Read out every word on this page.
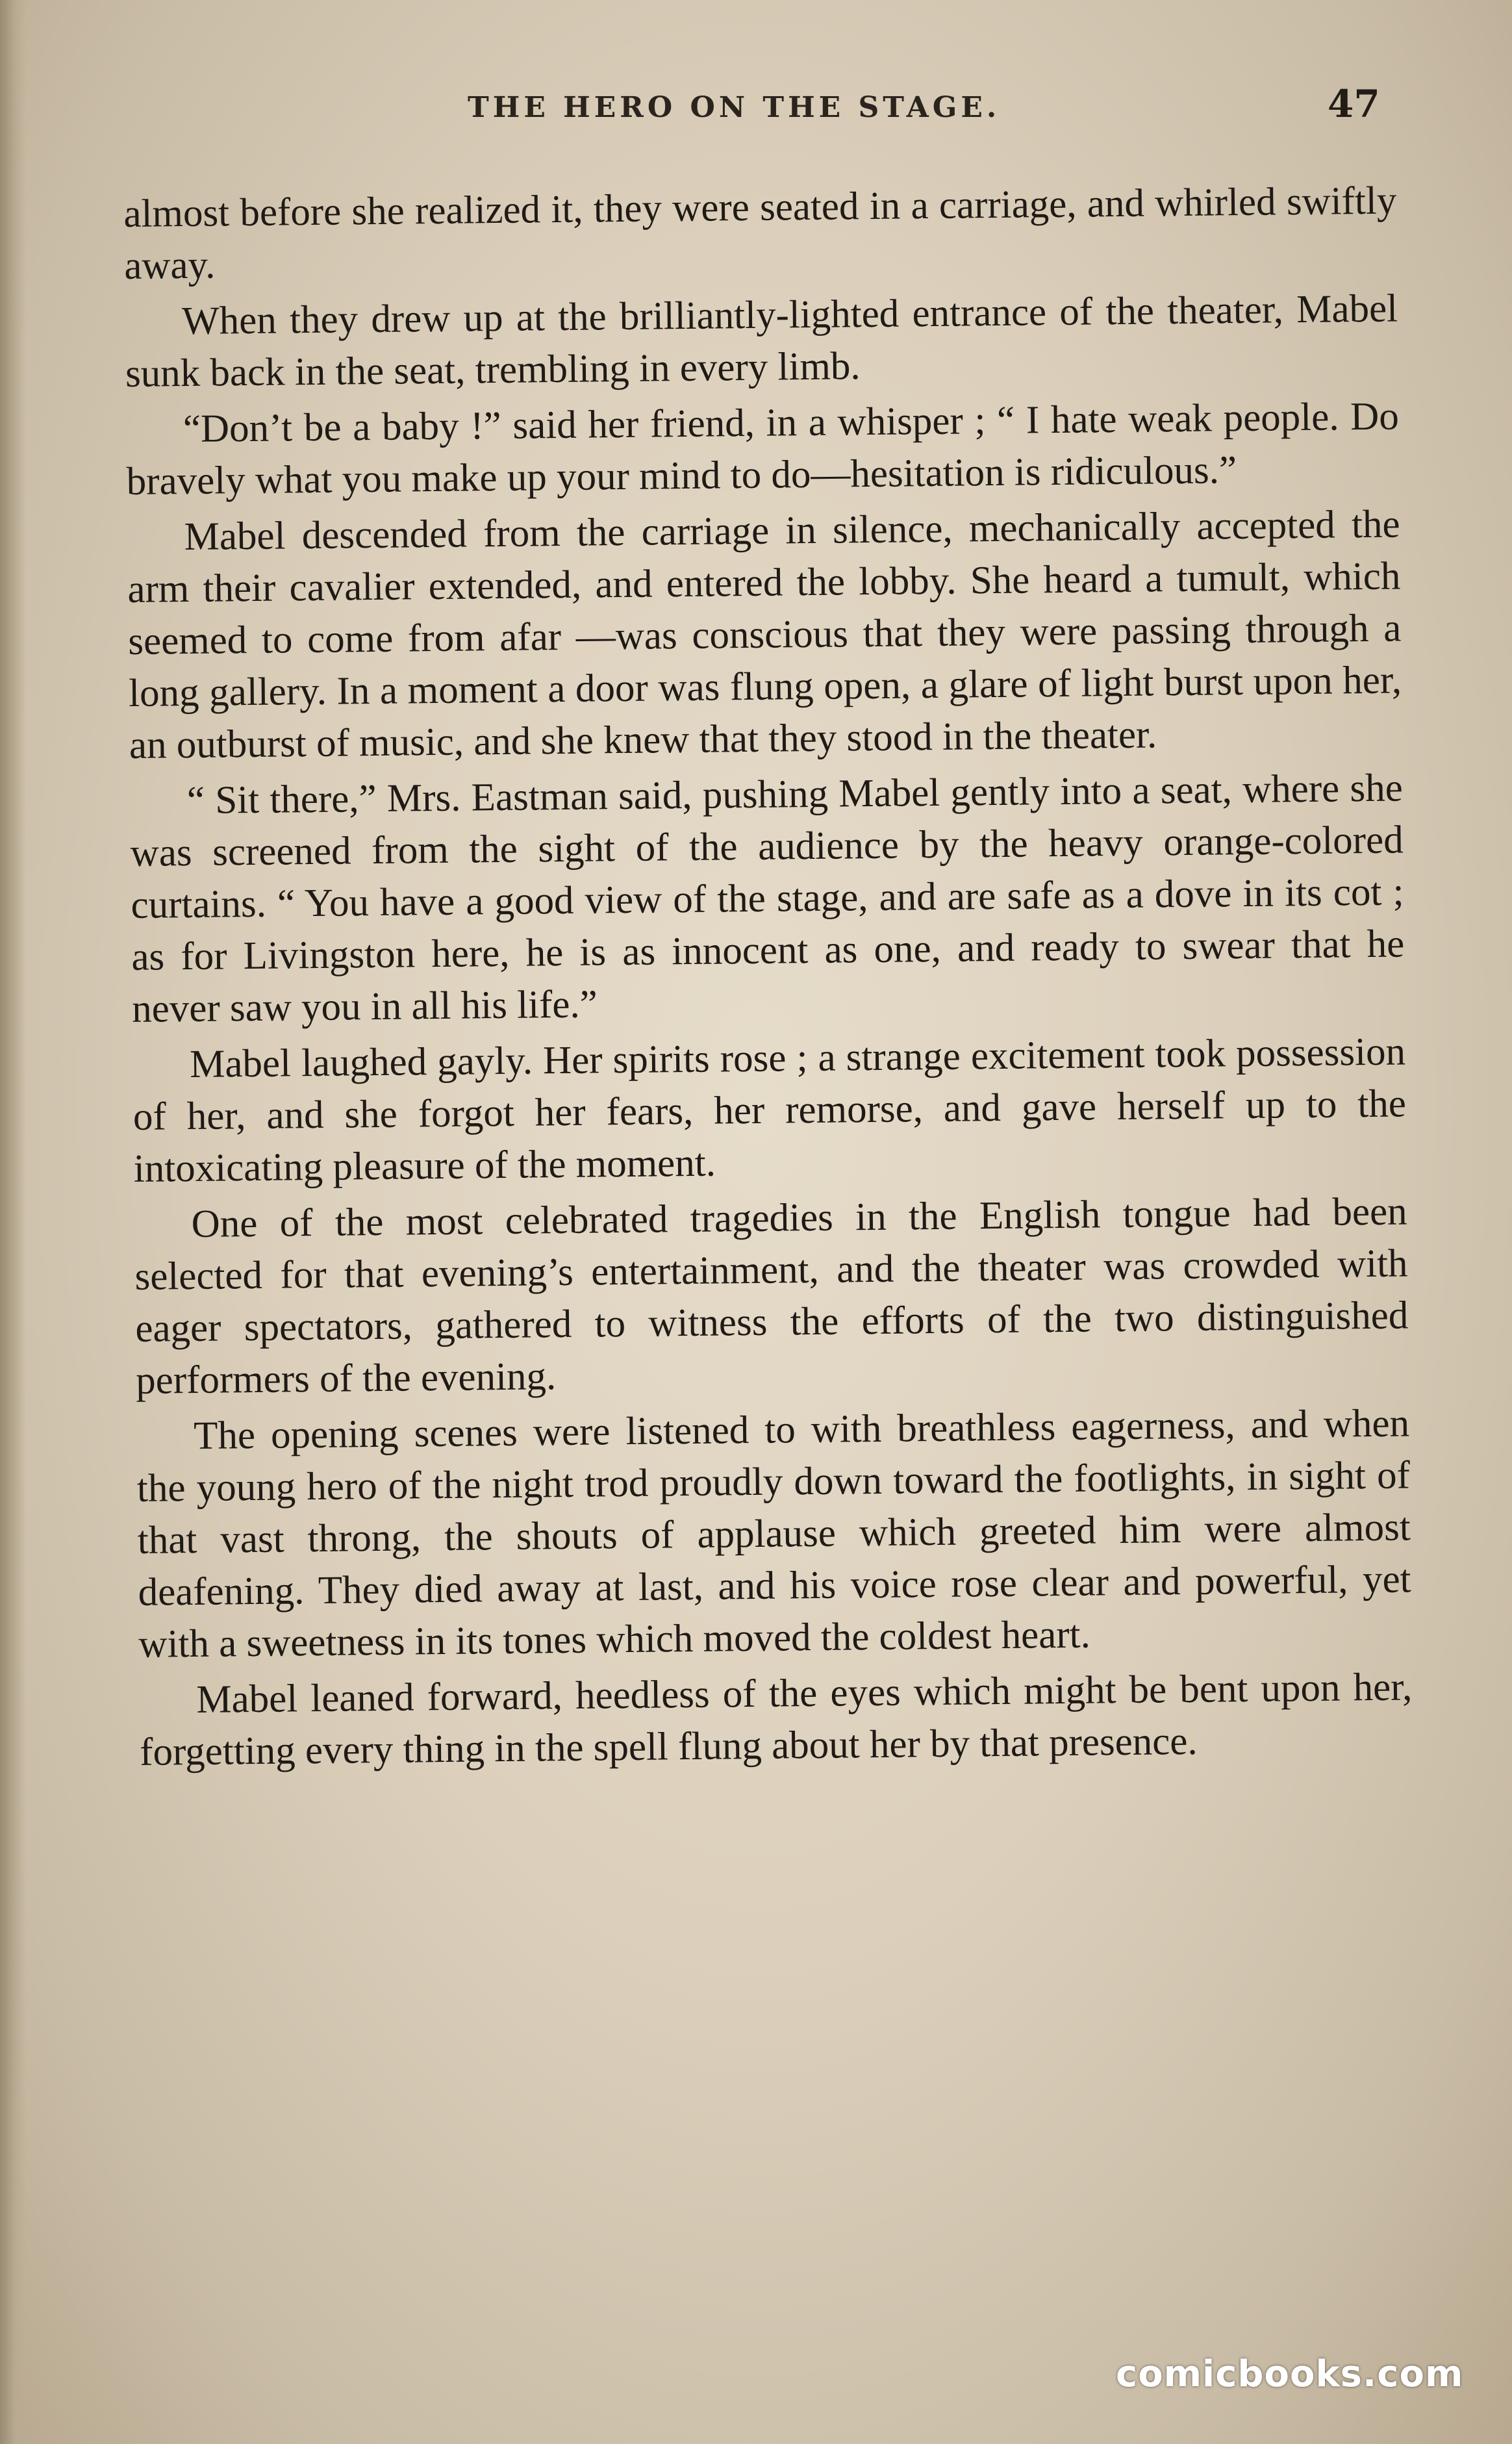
THE HERO ON THE STAGE.	47

almost before she realized it, they were seated in a carriage, and whirled swiftly away.

When they drew up at the brilliantly-lighted entrance of the theater, Mabel sunk back in the seat, trembling in every limb.

“Don’t be a baby !” said her friend, in a whisper ; “ I hate weak people. Do bravely what you make up your mind to do—hesitation is ridiculous.”

Mabel descended from the carriage in silence, mechanically accepted the arm their cavalier extended, and entered the lobby. She heard a tumult, which seemed to come from afar —was conscious that they were passing through a long gallery. In a moment a door was flung open, a glare of light burst upon her, an outburst of music, and she knew that they stood in the theater.

“ Sit there,” Mrs. Eastman said, pushing Mabel gently into a seat, where she was screened from the sight of the audience by the heavy orange-colored curtains. “ You have a good view of the stage, and are safe as a dove in its cot ; as for Livingston here, he is as innocent as one, and ready to swear that he never saw you in all his life.”

Mabel laughed gayly. Her spirits rose ; a strange excitement took possession of her, and she forgot her fears, her remorse, and gave herself up to the intoxicating pleasure of the moment.

One of the most celebrated tragedies in the English tongue had been selected for that evening’s entertainment, and the theater was crowded with eager spectators, gathered to witness the efforts of the two distinguished performers of the evening.

The opening scenes were listened to with breathless eagerness, and when the young hero of the night trod proudly down toward the footlights, in sight of that vast throng, the shouts of applause which greeted him were almost deafening. They died away at last, and his voice rose clear and powerful, yet with a sweetness in its tones which moved the coldest heart.

Mabel leaned forward, heedless of the eyes which might be bent upon her, forgetting every thing in the spell flung about her by that presence.

comicbooks.com
